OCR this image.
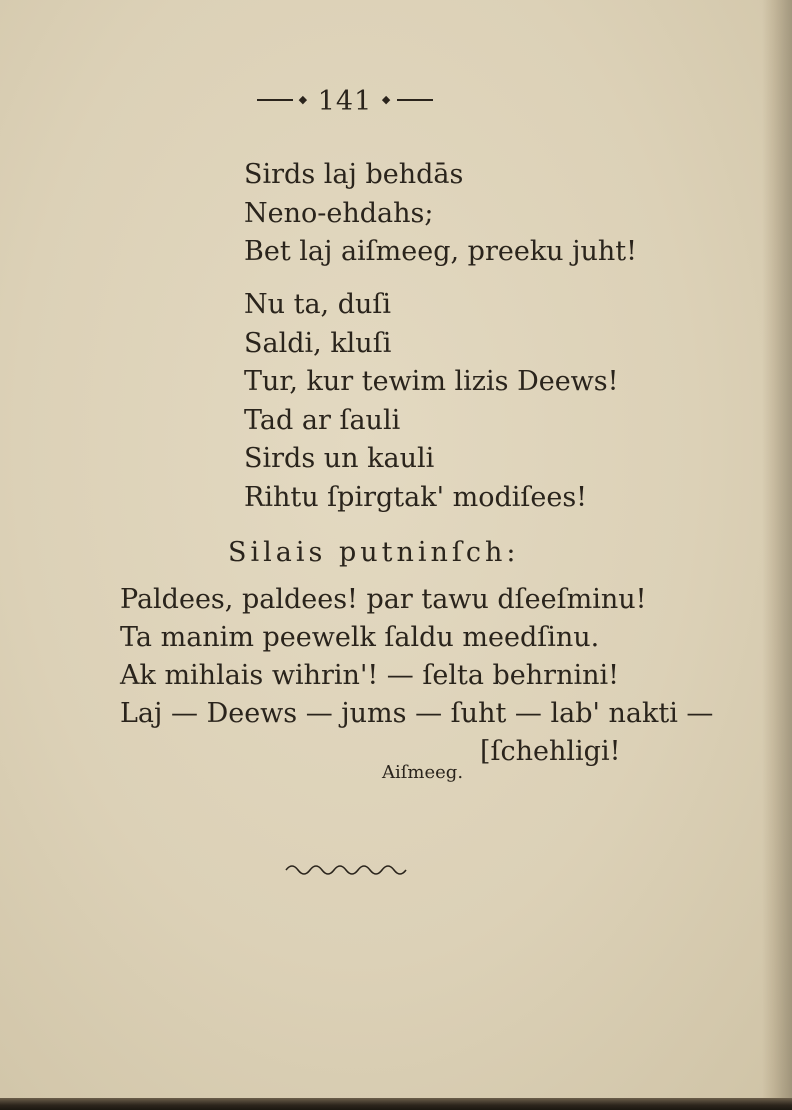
◆ 141 ◆
Sirds laj behdās
Neno-ehdahs;
Bet laj aiſmeeg, preeku juht!
Nu ta, duſi
Saldi, kluſi
Tur, kur tewim lizis Deews!
Tad ar ſauli
Sirds un kauli
Rihtu ſpirgtak' modiſees!
Silais putninſch:
Paldees, paldees! par tawu dſeeſminu!
Ta manim peewelk ſaldu meedſinu.
Ak mihlais wihrin'! — ſelta behrnini!
Laj — Deews — jums — ſuht — lab' nakti —
[ſchehligi!
Aiſmeeg.
